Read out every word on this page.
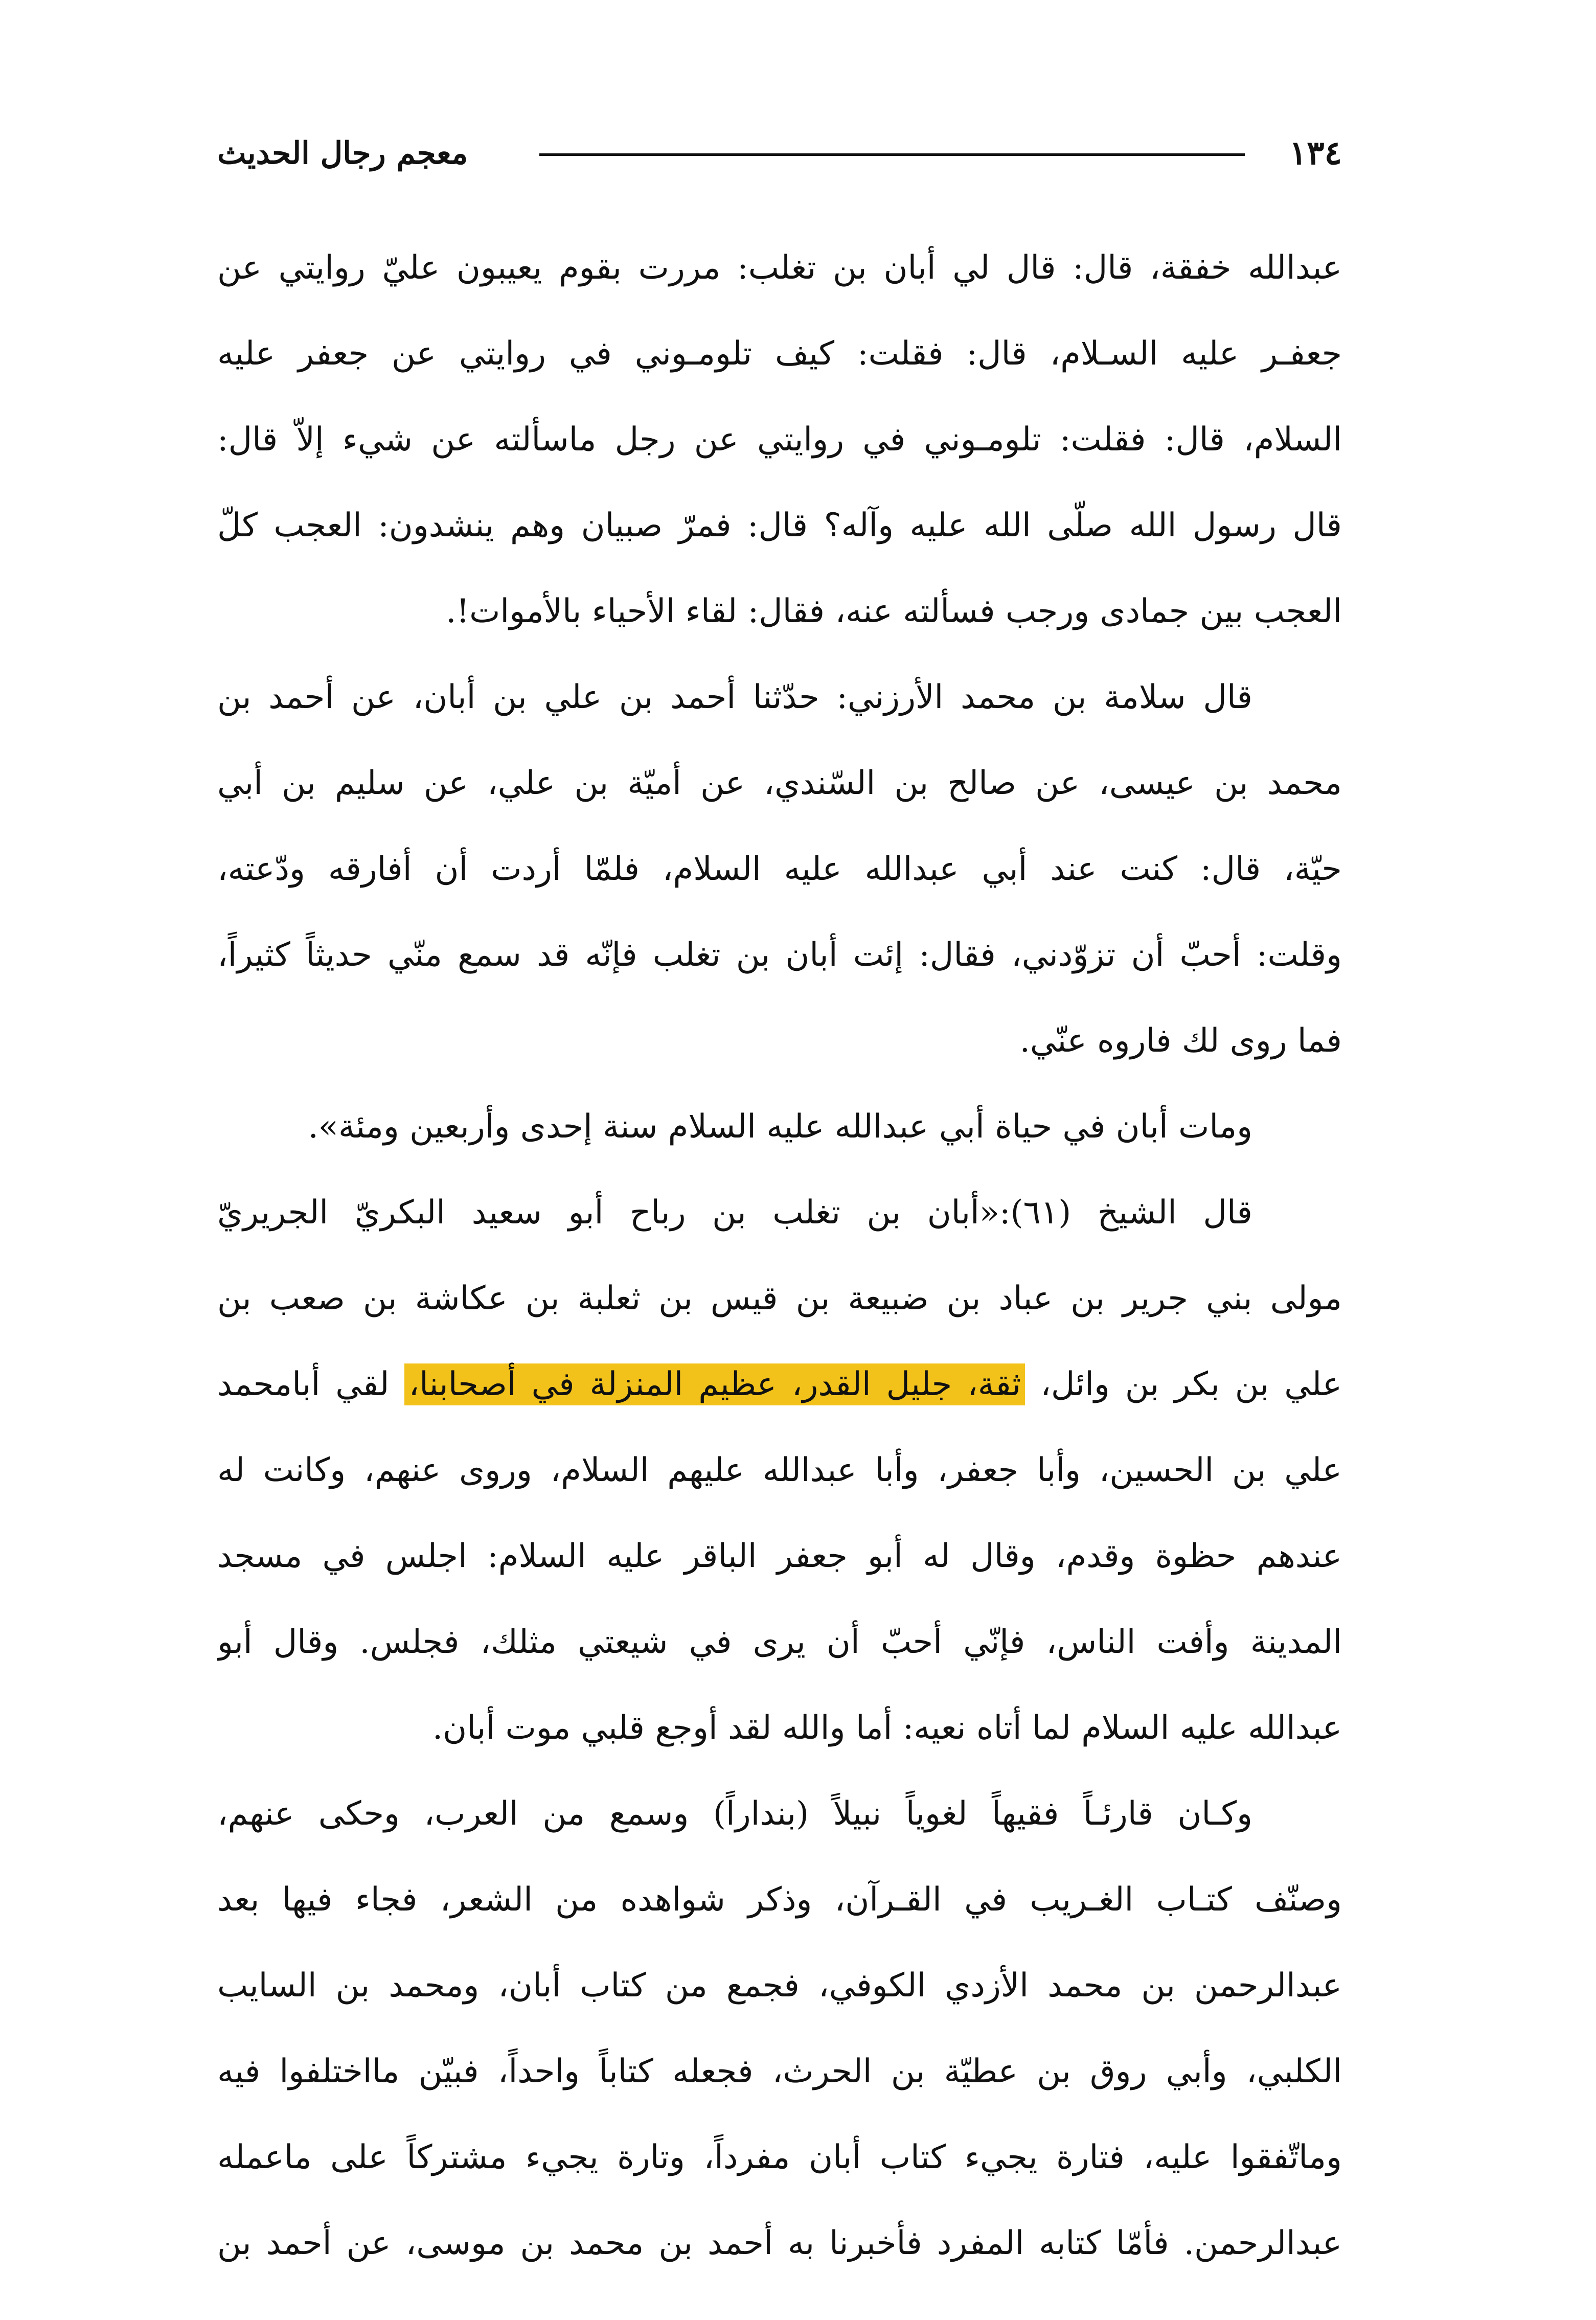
١٣٤
معجم رجال الحديث
عبدالله خفقة، قال: قال لي أبان بن تغلب: مررت بقوم يعيبون عليّ روايتي عن
جعفـر عليه السـلام، قال: فقلت: كيف تلومـوني في روايتي عن جعفر عليه
السلام، قال: فقلت: تلومـوني في روايتي عن رجل ماسألته عن شيء إلاّ قال:
قال رسول الله صلّى الله عليه وآله؟ قال: فمرّ صبيان وهم ينشدون: العجب كلّ
العجب بين جمادى ورجب فسألته عنه، فقال: لقاء الأحياء بالأموات!.
قال سلامة بن محمد الأرزني: حدّثنا أحمد بن علي بن أبان، عن أحمد بن
محمد بن عيسى، عن صالح بن السّندي، عن أميّة بن علي، عن سليم بن أبي
حيّة، قال: كنت عند أبي عبدالله عليه السلام، فلمّا أردت أن أفارقه ودّعته،
وقلت: أحبّ أن تزوّدني، فقال: إئت أبان بن تغلب فإنّه قد سمع منّي حديثاً كثيراً،
فما روى لك فاروه عنّي.
ومات أبان في حياة أبي عبدالله عليه السلام سنة إحدى وأربعين ومئة».
قال الشيخ (٦١):«أبان بن تغلب بن رباح أبو سعيد البكريّ الجريريّ
مولى بني جرير بن عباد بن ضبيعة بن قيس بن ثعلبة بن عكاشة بن صعب بن
علي بن بكر بن وائل، ثقة، جليل القدر، عظيم المنزلة في أصحابنا، لقي أبامحمد
علي بن الحسين، وأبا جعفر، وأبا عبدالله عليهم السلام، وروى عنهم، وكانت له
عندهم حظوة وقدم، وقال له أبو جعفر الباقر عليه السلام: اجلس في مسجد
المدينة وأفت الناس، فإنّي أحبّ أن يرى في شيعتي مثلك، فجلس. وقال أبو
عبدالله عليه السلام لما أتاه نعيه: أما والله لقد أوجع قلبي موت أبان.
وكـان قارئـاً فقيهاً لغوياً نبيلاً (بنداراً) وسمع من العرب، وحكى عنهم،
وصنّف كتـاب الغـريب في القـرآن، وذكر شواهده من الشعر، فجاء فيها بعد
عبدالرحمن بن محمد الأزدي الكوفي، فجمع من كتاب أبان، ومحمد بن السايب
الكلبي، وأبي روق بن عطيّة بن الحرث، فجعله كتاباً واحداً، فبيّن مااختلفوا فيه
وماتّفقوا عليه، فتارة يجيء كتاب أبان مفرداً، وتارة يجيء مشتركاً على ماعمله
عبدالرحمن. فأمّا كتابه المفرد فأخبرنا به أحمد بن محمد بن موسى، عن أحمد بن
